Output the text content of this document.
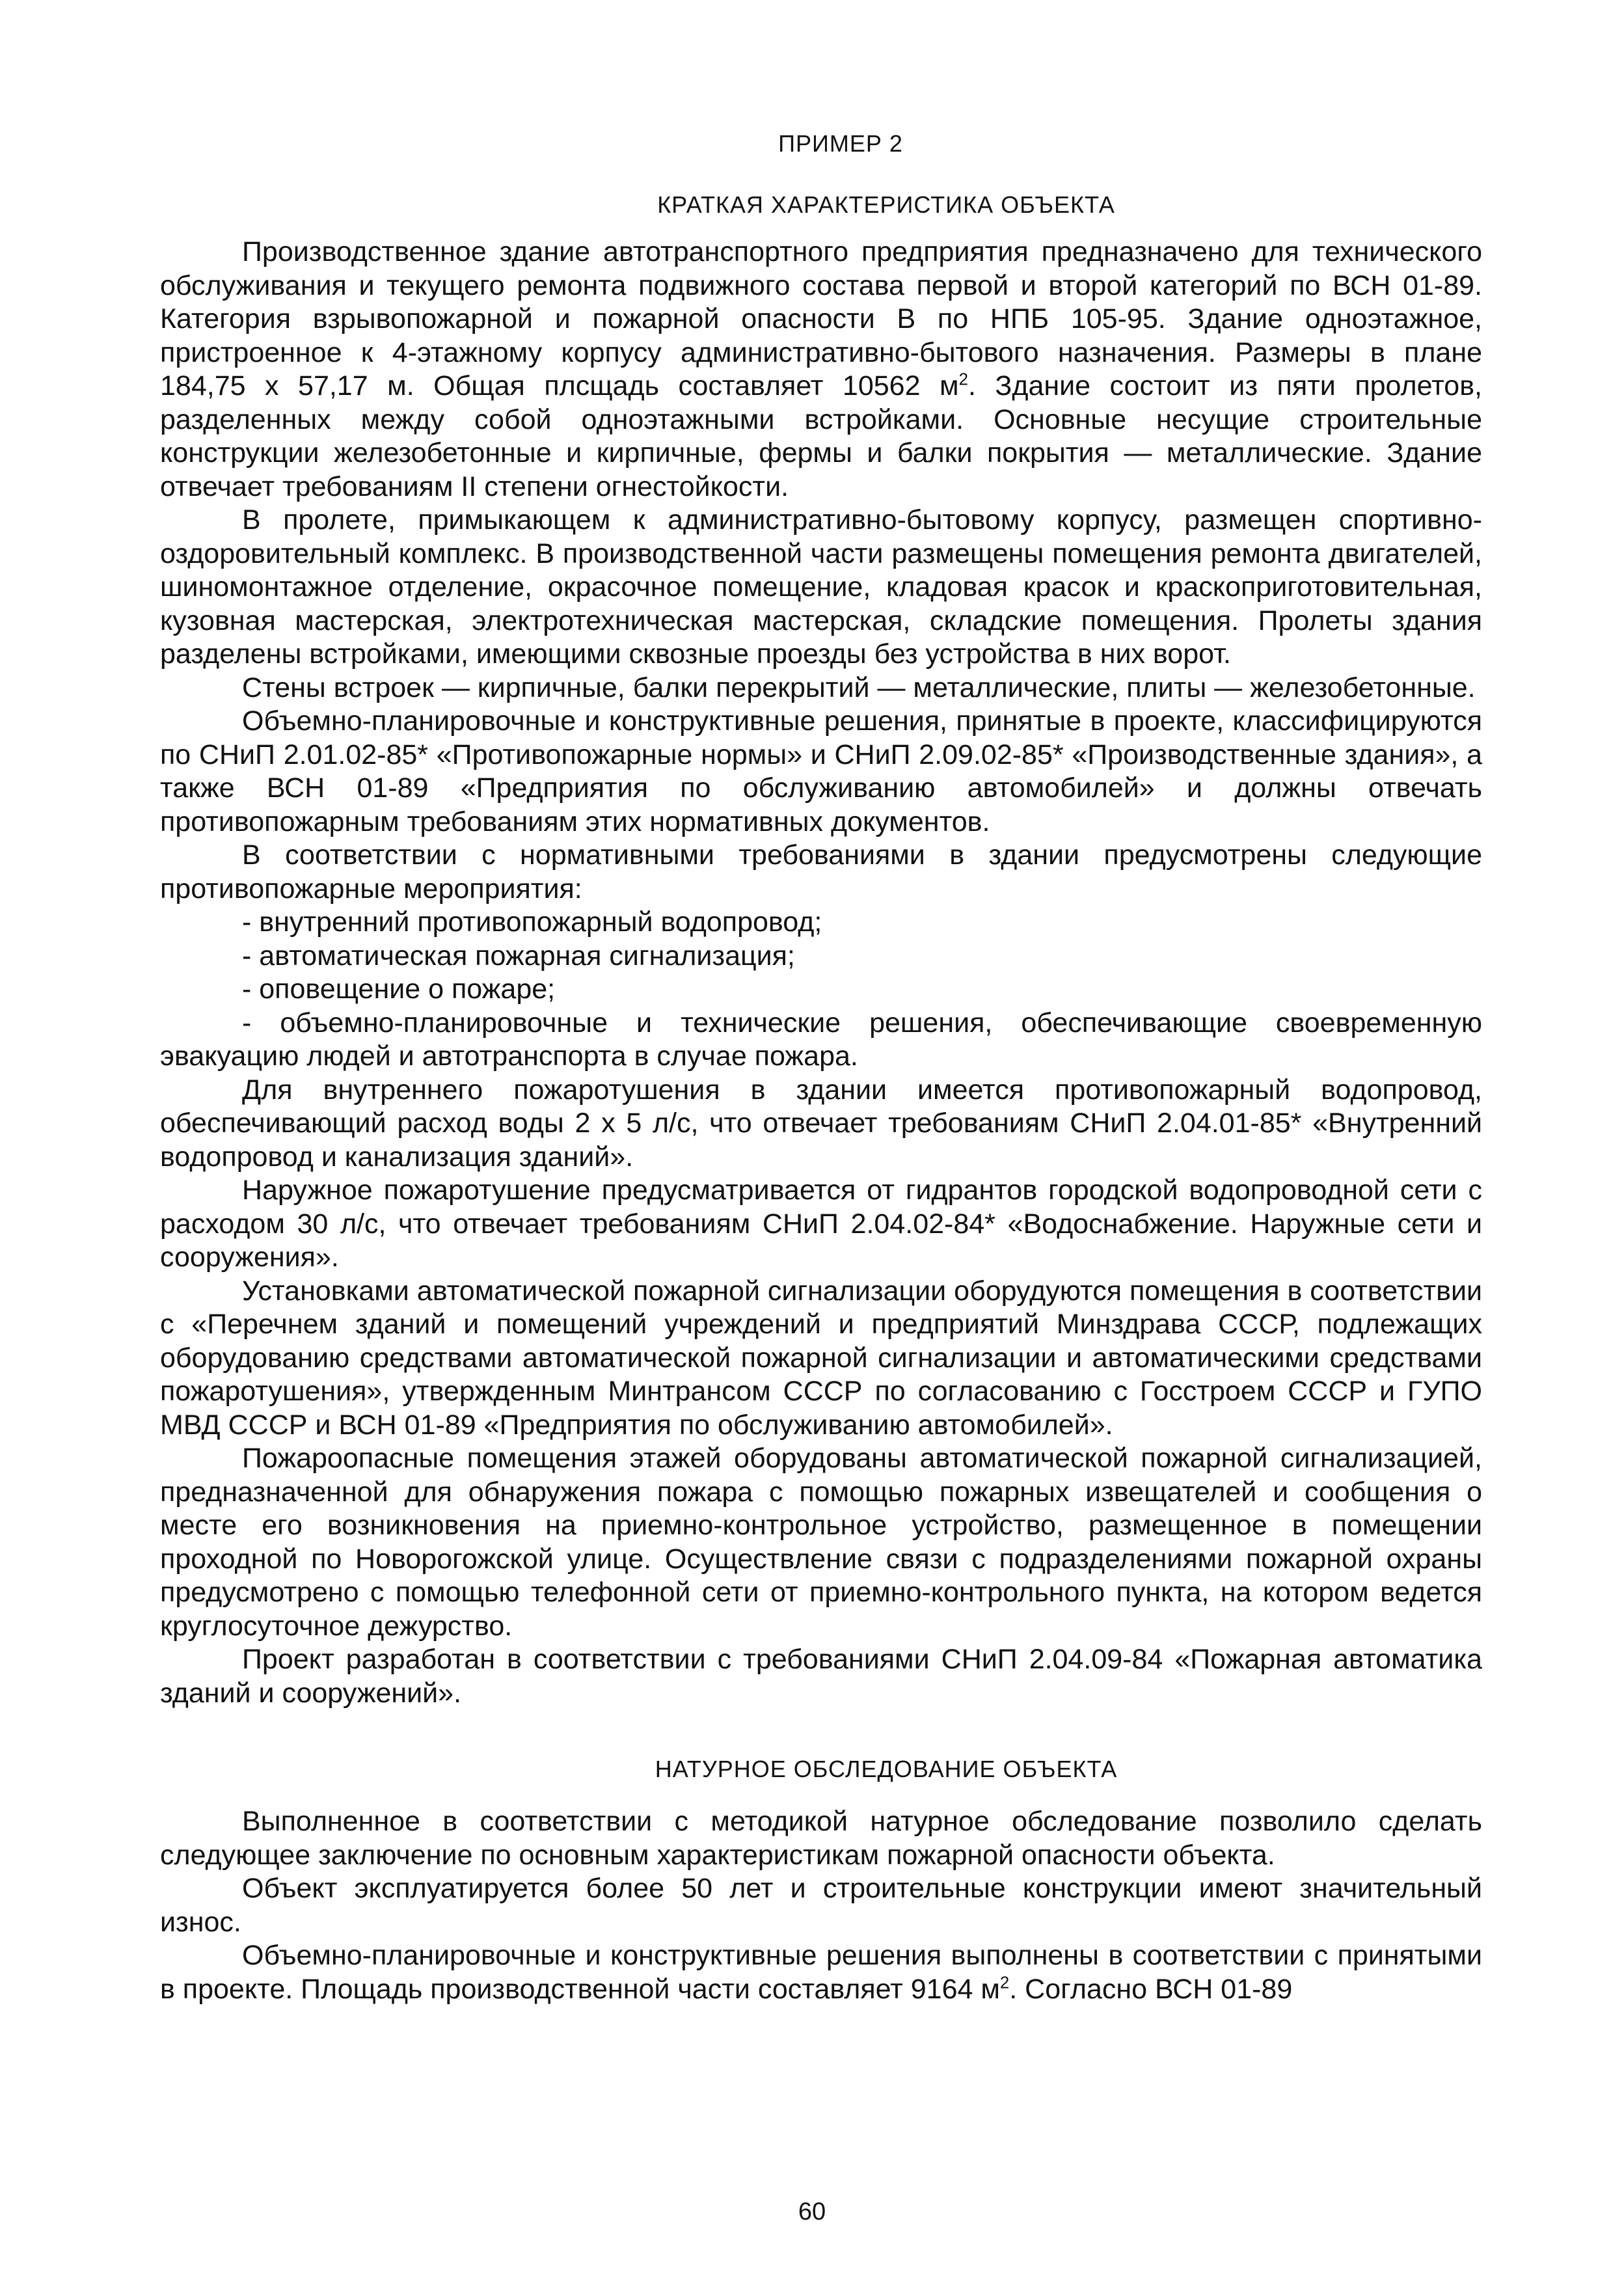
ПРИМЕР 2
КРАТКАЯ ХАРАКТЕРИСТИКА ОБЪЕКТА

Производственное здание автотранспортного предприятия предназначено для технического обслуживания и текущего ремонта подвижного состава первой и второй категорий по ВСН 01-89. Категория взрывопожарной и пожарной опасности В по НПБ 105-95. Здание одноэтажное, пристроенное к 4-этажному корпусу административно-бытового назначения. Размеры в плане 184,75 х 57,17 м. Общая плсщадь составляет 10562 $м^2$. Здание состоит из пяти пролетов, разделенных между собой одноэтажными встройками. Основные несущие строительные конструкции железобетонные и кирпичные, фермы и балки покрытия — металлические. Здание отвечает требованиям II степени огнестойкости.

В пролете, примыкающем к административно-бытовому корпусу, размещен спортивно-оздоровительный комплекс. В производственной части размещены помещения ремонта двигателей, шиномонтажное отделение, окрасочное помещение, кладовая красок и краскоприготовительная, кузовная мастерская, электротехническая мастерская, складские помещения. Пролеты здания разделены встройками, имеющими сквозные проезды без устройства в них ворот.

Стены встроек — кирпичные, балки перекрытий — металлические, плиты — железобетонные.

Объемно-планировочные и конструктивные решения, принятые в проекте, классифицируются по СНиП 2.01.02-85* «Противопожарные нормы» и СНиП 2.09.02-85* «Производственные здания», а также ВСН 01-89 «Предприятия по обслуживанию автомобилей» и должны отвечать противопожарным требованиям этих нормативных документов.

В соответствии с нормативными требованиями в здании предусмотрены следующие противопожарные мероприятия:

- внутренний противопожарный водопровод;

- автоматическая пожарная сигнализация;

- оповещение о пожаре;

- объемно-планировочные и технические решения, обеспечивающие своевременную эвакуацию людей и автотранспорта в случае пожара.

Для внутреннего пожаротушения в здании имеется противопожарный водопровод, обеспечивающий расход воды 2 х 5 л/с, что отвечает требованиям СНиП 2.04.01-85* «Внутренний водопровод и канализация зданий».

Наружное пожаротушение предусматривается от гидрантов городской водопроводной сети с расходом 30 л/с, что отвечает требованиям СНиП 2.04.02-84* «Водоснабжение. Наружные сети и сооружения».

Установками автоматической пожарной сигнализации оборудуются помещения в соответствии с «Перечнем зданий и помещений учреждений и предприятий Минздрава СССР, подлежащих оборудованию средствами автоматической пожарной сигнализации и автоматическими средствами пожаротушения», утвержденным Минтрансом СССР по согласованию с Госстроем СССР и ГУПО МВД СССР и ВСН 01-89 «Предприятия по обслуживанию автомобилей».

Пожароопасные помещения этажей оборудованы автоматической пожарной сигнализацией, предназначенной для обнаружения пожара с помощью пожарных извещателей и сообщения о месте его возникновения на приемно-контрольное устройство, размещенное в помещении проходной по Новорогожской улице. Осуществление связи с подразделениями пожарной охраны предусмотрено с помощью телефонной сети от приемно-контрольного пункта, на котором ведется круглосуточное дежурство.

Проект разработан в соответствии с требованиями СНиП 2.04.09-84 «Пожарная автоматика зданий и сооружений».

НАТУРНОЕ ОБСЛЕДОВАНИЕ ОБЪЕКТА

Выполненное в соответствии с методикой натурное обследование позволило сделать следующее заключение по основным характеристикам пожарной опасности объекта.

Объект эксплуатируется более 50 лет и строительные конструкции имеют значительный износ.

Объемно-планировочные и конструктивные решения выполнены в соответствии с принятыми в проекте. Площадь производственной части составляет 9164 $м^2$. Согласно ВСН 01-89

60
